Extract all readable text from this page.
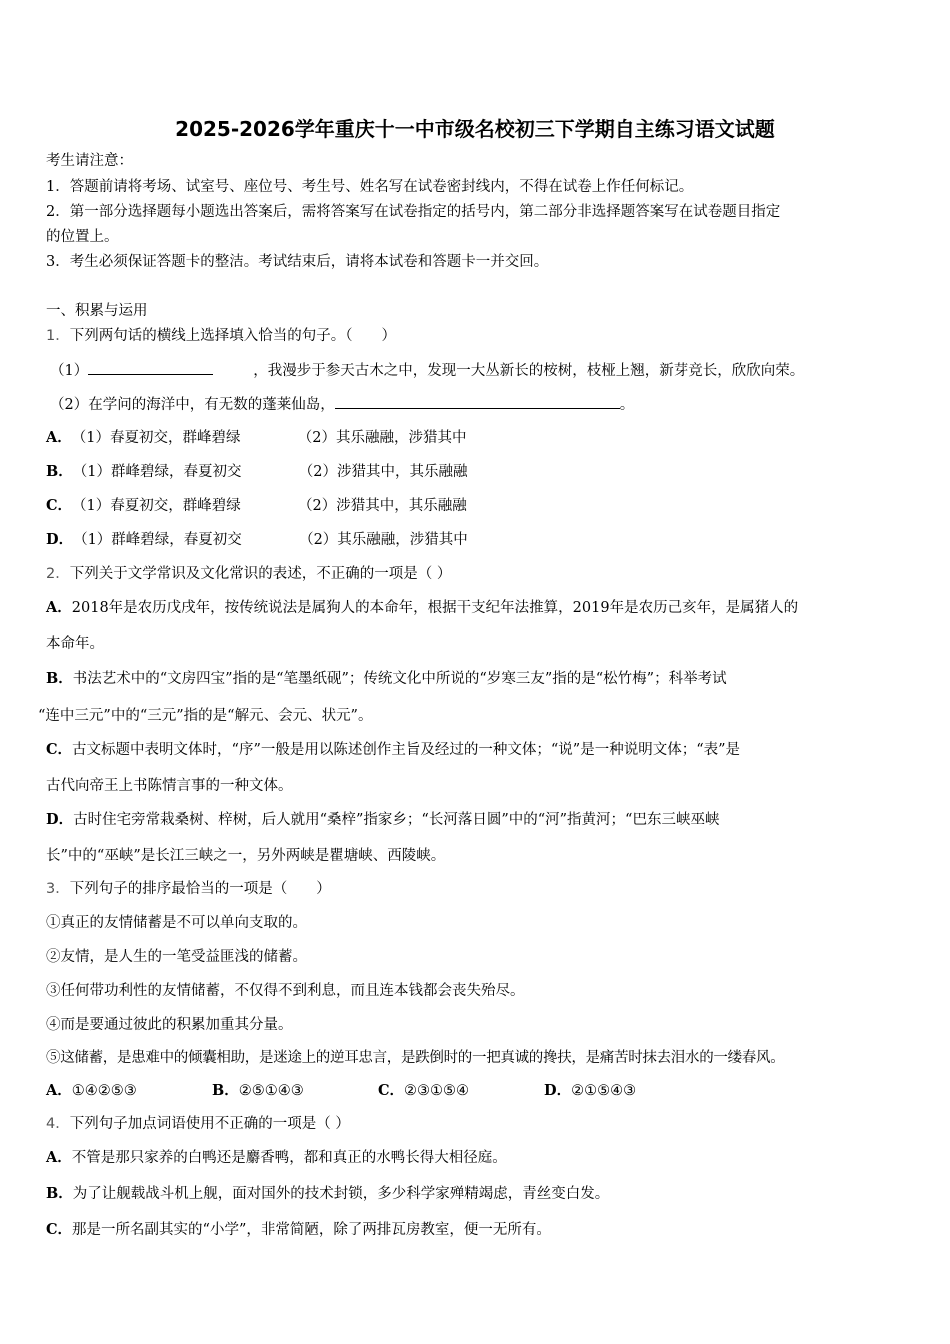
2025-2026学年重庆十一中市级名校初三下学期自主练习语文试题
考生请注意：
1．答题前请将考场、试室号、座位号、考生号、姓名写在试卷密封线内，不得在试卷上作任何标记。
2．第一部分选择题每小题选出答案后，需将答案写在试卷指定的括号内，第二部分非选择题答案写在试卷题目指定
的位置上。
3．考生必须保证答题卡的整洁。考试结束后，请将本试卷和答题卡一并交回。
一、积累与运用
1．下列两句话的横线上选择填入恰当的句子。（　　）
（1）	，我漫步于参天古木之中，发现一大丛新长的桉树，枝桠上翘，新芽竞长，欣欣向荣。
（2）在学问的海洋中，有无数的蓬莱仙岛，	。
A．（1）春夏初交，群峰碧绿	（2）其乐融融，涉猎其中
B．（1）群峰碧绿，春夏初交	（2）涉猎其中，其乐融融
C．（1）春夏初交，群峰碧绿	（2）涉猎其中，其乐融融
D．（1）群峰碧绿，春夏初交	（2）其乐融融，涉猎其中
2．下列关于文学常识及文化常识的表述，不正确的一项是（ ）
A．2018年是农历戊戌年，按传统说法是属狗人的本命年，根据干支纪年法推算，2019年是农历己亥年，是属猪人的
本命年。
B．书法艺术中的“文房四宝”指的是“笔墨纸砚”；传统文化中所说的“岁寒三友”指的是“松竹梅”；科举考试
“连中三元”中的“三元”指的是“解元、会元、状元”。
C．古文标题中表明文体时，“序”一般是用以陈述创作主旨及经过的一种文体；“说”是一种说明文体；“表”是
古代向帝王上书陈情言事的一种文体。
D．古时住宅旁常栽桑树、梓树，后人就用“桑梓”指家乡；“长河落日圆”中的“河”指黄河；“巴东三峡巫峡
长”中的“巫峡”是长江三峡之一，另外两峡是瞿塘峡、西陵峡。
3．下列句子的排序最恰当的一项是（　　）
①真正的友情储蓄是不可以单向支取的。
②友情，是人生的一笔受益匪浅的储蓄。
③任何带功利性的友情储蓄，不仅得不到利息，而且连本钱都会丧失殆尽。
④而是要通过彼此的积累加重其分量。
⑤这储蓄，是患难中的倾囊相助，是迷途上的逆耳忠言，是跌倒时的一把真诚的搀扶，是痛苦时抹去泪水的一缕春风。
A．①④②⑤③	B．②⑤①④③	C．②③①⑤④	D．②①⑤④③
4．下列句子加点词语使用不正确的一项是（ ）
A．不管是那只家养的白鸭还是麝香鸭，都和真正的水鸭长得大相径庭。
B．为了让舰载战斗机上舰，面对国外的技术封锁，多少科学家殚精竭虑，青丝变白发。
C．那是一所名副其实的“小学”，非常简陋，除了两排瓦房教室，便一无所有。
